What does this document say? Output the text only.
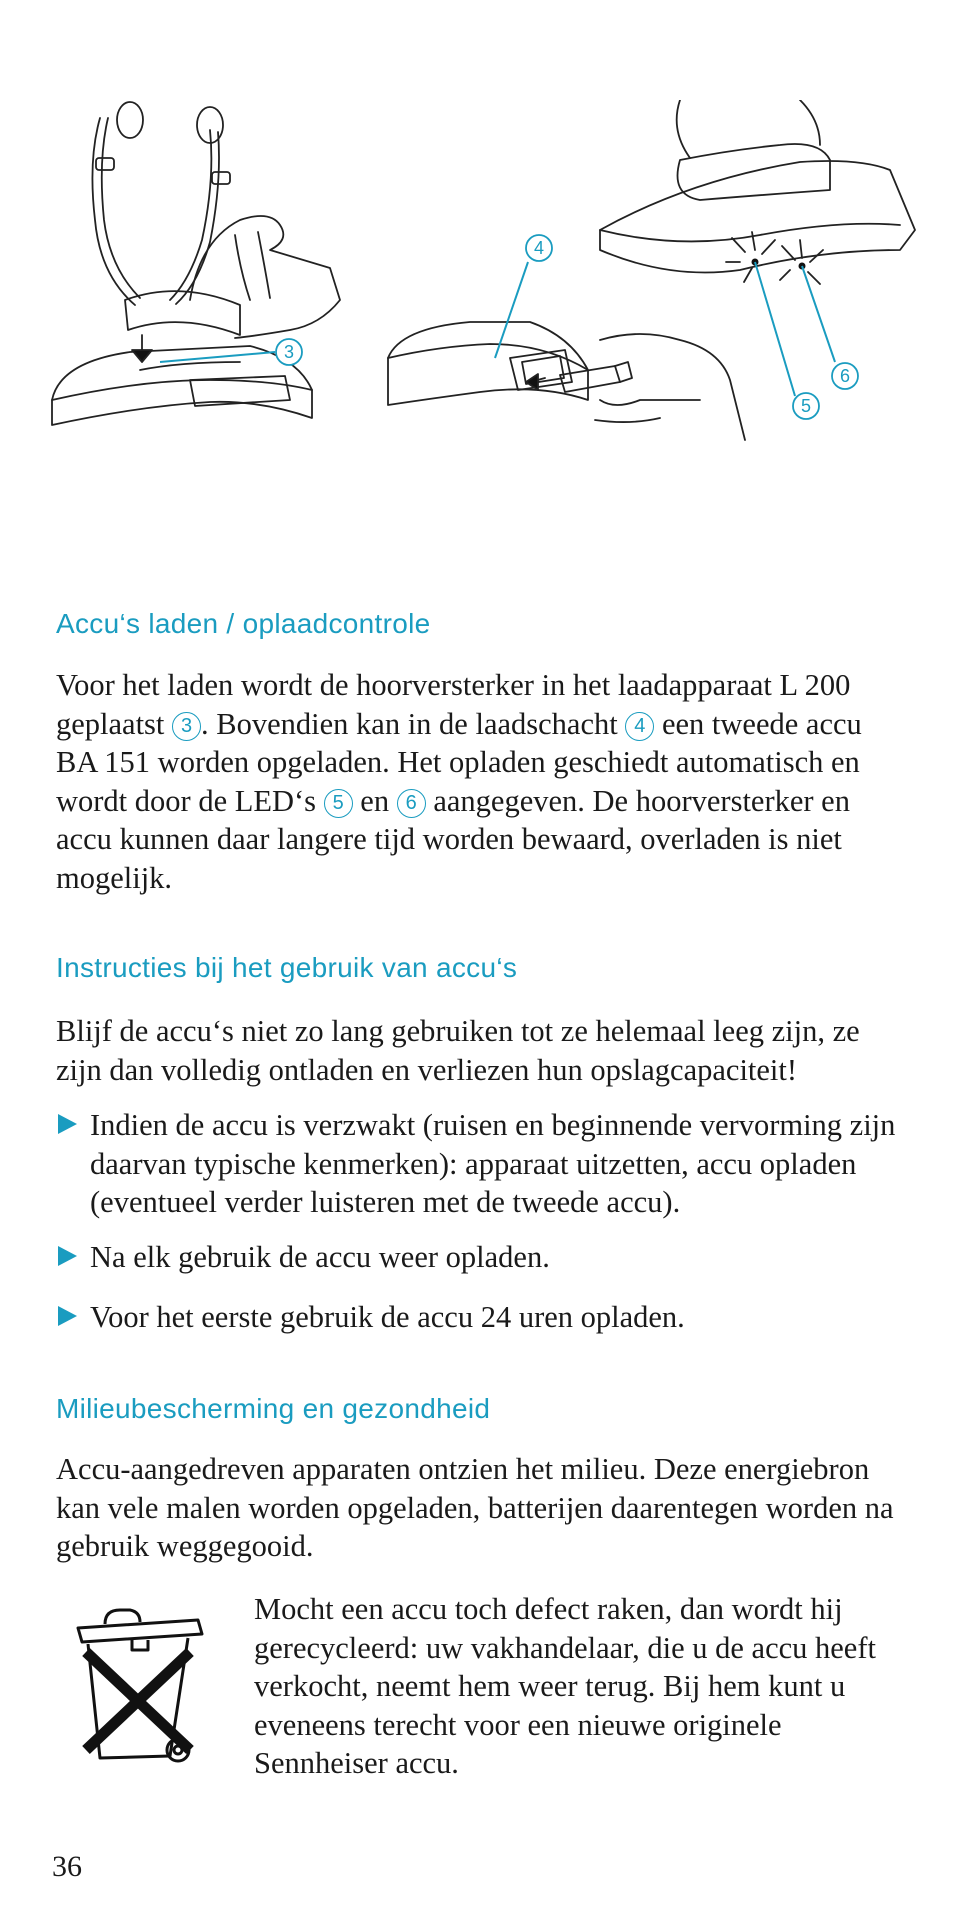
3
4
5
6
Accu‘s laden / oplaadcontrole

Voor het laden wordt de hoorversterker in het laadapparaat L 200 geplaatst 3 . Bovendien kan in de laadschacht 4 een tweede accu BA 151 worden opgeladen. Het opladen geschiedt automatisch en wordt door de LED‘s 5 en 6 aangegeven. De hoorversterker en accu kunnen daar langere tijd worden bewaard, overladen is niet mogelijk.

Instructies bij het gebruik van accu‘s

Blijf de accu‘s niet zo lang gebruiken tot ze helemaal leeg zijn, ze zijn dan volledig ontladen en verliezen hun opslagcapaciteit!

Indien de accu is verzwakt (ruisen en beginnende vervorming zijn daarvan typische kenmerken): apparaat uitzetten, accu opladen (eventueel verder luisteren met de tweede accu).
Na elk gebruik de accu weer opladen.
Voor het eerste gebruik de accu 24 uren opladen.
Milieubescherming en gezondheid

Accu-aangedreven apparaten ontzien het milieu. Deze energiebron kan vele malen worden opgeladen, batterijen daarentegen worden na gebruik weggegooid.

Mocht een accu toch defect raken, dan wordt hij gerecycleerd: uw vakhandelaar, die u de accu heeft verkocht, neemt hem weer terug. Bij hem kunt u eveneens terecht voor een nieuwe originele Sennheiser accu.

36
